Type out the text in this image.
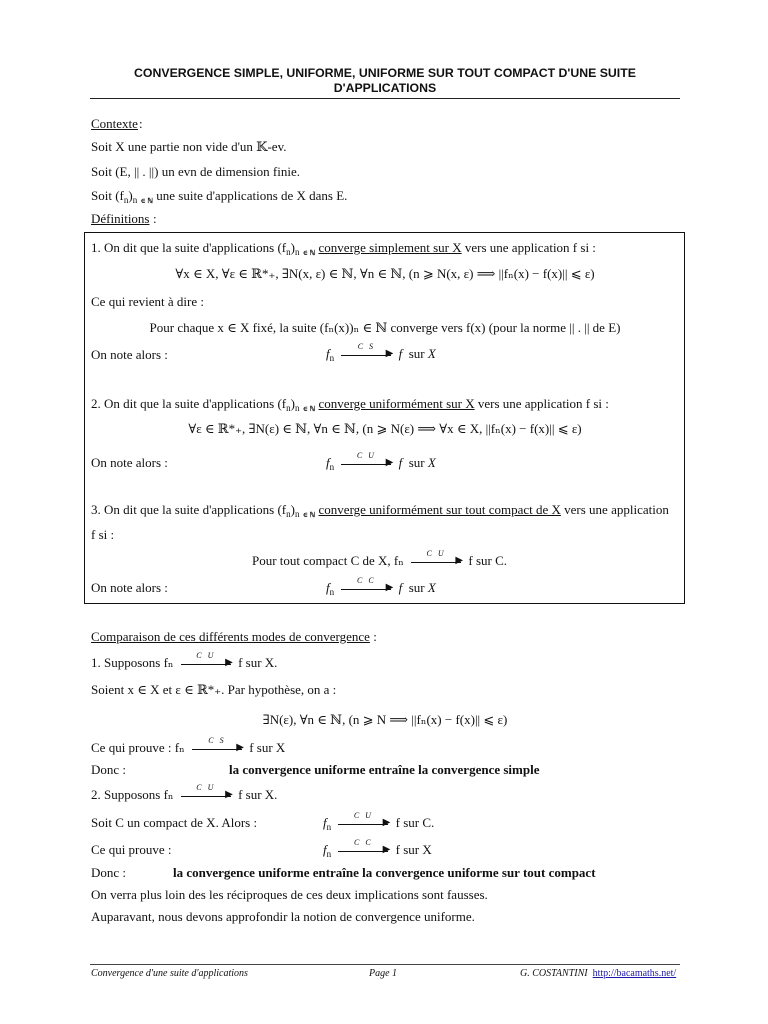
CONVERGENCE SIMPLE, UNIFORME, UNIFORME SUR TOUT COMPACT D'UNE SUITE D'APPLICATIONS
Contexte :
Soit X une partie non vide d'un 𝕂-ev.
Soit (E, || . ||) un evn de dimension finie.
Soit $(f_n)_n$ $_{\in ℕ}$ une suite d'applications de X dans E.
Définitions :
1. On dit que la suite d'applications $(f_n)_n$ $_{\in ℕ}$ converge simplement sur X vers une application f si :
∀x ∈ X, ∀ε ∈ ℝ*₊, ∃N(x, ε) ∈ ℕ, ∀n ∈ ℕ, (n ⩾ N(x, ε) ⟹ ||fₙ(x) − f(x)|| ⩽ ε)
Ce qui revient à dire :
Pour chaque x ∈ X fixé, la suite (fₙ(x))ₙ ∈ ℕ converge vers f(x) (pour la norme || . || de E)
On note alors :	$f_n$
C S
▶ f  sur X
2. On dit que la suite d'applications $(f_n)_n$ $_{\in ℕ}$ converge uniformément sur X vers une application f si :
∀ε ∈ ℝ*₊, ∃N(ε) ∈ ℕ, ∀n ∈ ℕ, (n ⩾ N(ε) ⟹ ∀x ∈ X, ||fₙ(x) − f(x)|| ⩽ ε)
On note alors :	$f_n$
C U
▶ f  sur X
3. On dit que la suite d'applications $(f_n)_n$ $_{\in ℕ}$ converge uniformément sur tout compact de X vers une application
f si :
Pour tout compact C de X, fₙ	C U
▶ f sur C.
On note alors :	$f_n$
C C
▶ f  sur X
Comparaison de ces différents modes de convergence :
1. Supposons fₙ	C U
▶ f sur X.
Soient x ∈ X et ε ∈ ℝ*₊. Par hypothèse, on a :
∃N(ε), ∀n ∈ ℕ, (n ⩾ N ⟹ ||fₙ(x) − f(x)|| ⩽ ε)
Ce qui prouve : fₙ	C S
▶ f sur X
Donc :	la convergence uniforme entraîne la convergence simple
2. Supposons fₙ	C U
▶ f sur X.
Soit C un compact de X. Alors :	$f_n$
C U
▶ f sur C.
Ce qui prouve :	$f_n$
C C
▶ f sur X
Donc :	la convergence uniforme entraîne la convergence uniforme sur tout compact
On verra plus loin des les réciproques de ces deux implications sont fausses.
Auparavant, nous devons approfondir la notion de convergence uniforme.
Convergence d'une suite d'applications	Page 1	G. COSTANTINI http://bacamaths.net/
